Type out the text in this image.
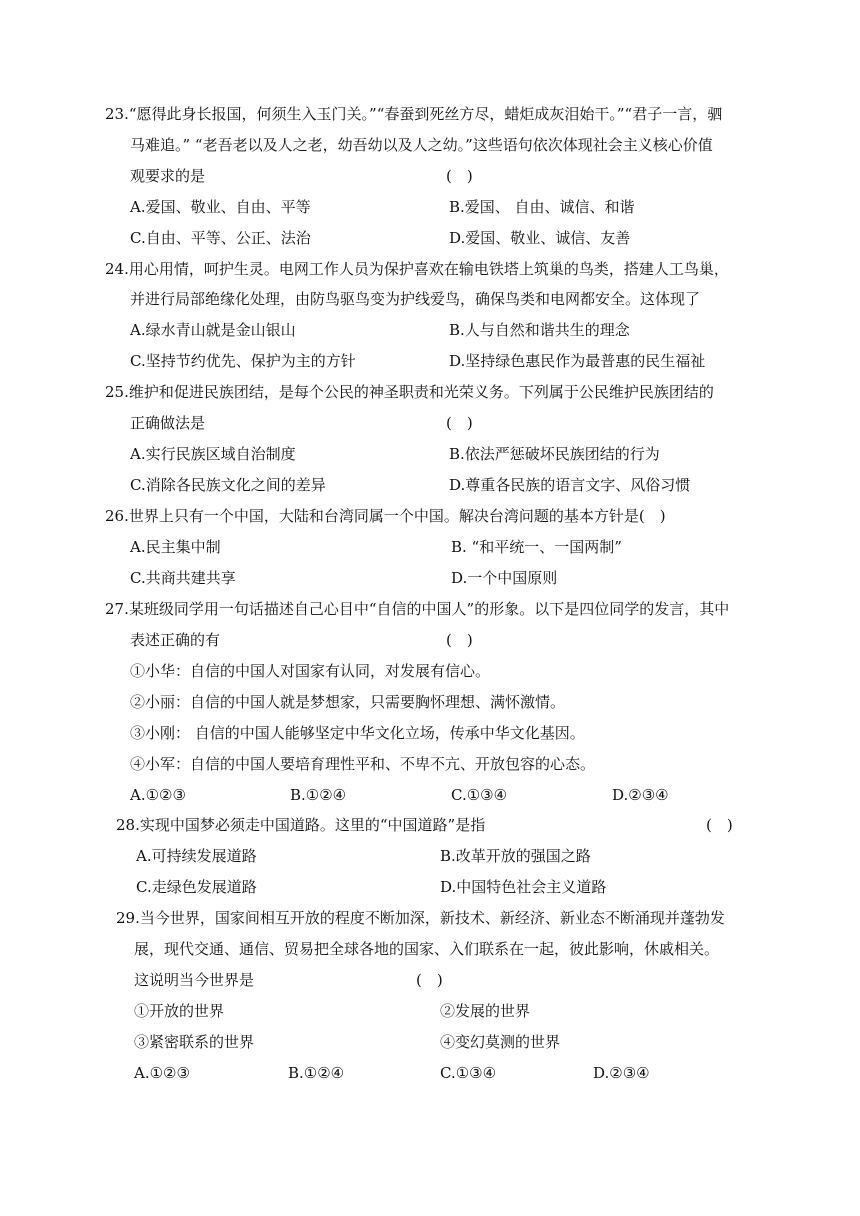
23.“愿得此身长报国，何须生入玉门关。”“春蚕到死丝方尽，蜡炬成灰泪始干。”“君子一言，驷
马难追。” “老吾老以及人之老，幼吾幼以及人之幼。”这些语句依次体现社会主义核心价值
观要求的是	(　)
A.爱国、敬业、自由、平等	B.爱国、 自由、诚信、和谐
C.自由、平等、公正、法治	D.爱国、敬业、诚信、友善
24.用心用情，呵护生灵。电网工作人员为保护喜欢在输电铁塔上筑巢的鸟类，搭建人工鸟巢，
并进行局部绝缘化处理，由防鸟驱鸟变为护线爱鸟，确保鸟类和电网都安全。这体现了
A.绿水青山就是金山银山	B.人与自然和谐共生的理念
C.坚持节约优先、保护为主的方针	D.坚持绿色惠民作为最普惠的民生福祉
25.维护和促进民族团结，是每个公民的神圣职责和光荣义务。下列属于公民维护民族团结的
正确做法是	(　)
A.实行民族区域自治制度	B.依法严惩破坏民族团结的行为
C.消除各民族文化之间的差异	D.尊重各民族的语言文字、风俗习惯
26.世界上只有一个中国，大陆和台湾同属一个中国。解决台湾问题的基本方针是(　)
A.民主集中制	B. “和平统一、一国两制”
C.共商共建共享	D.一个中国原则
27.某班级同学用一句话描述自己心目中“自信的中国人”的形象。以下是四位同学的发言，其中
表述正确的有	(　)
①小华：自信的中国人对国家有认同，对发展有信心。
②小丽：自信的中国人就是梦想家，只需要胸怀理想、满怀激情。
③小刚： 自信的中国人能够坚定中华文化立场，传承中华文化基因。
④小军：自信的中国人要培育理性平和、不卑不亢、开放包容的心态。
A.①②③	B.①②④	C.①③④	D.②③④
28.实现中国梦必须走中国道路。这里的“中国道路”是指	(　)
A.可持续发展道路	B.改革开放的强国之路
C.走绿色发展道路	D.中国特色社会主义道路
29.当今世界，国家间相互开放的程度不断加深，新技术、新经济、新业态不断涌现并蓬勃发
展，现代交通、通信、贸易把全球各地的国家、入们联系在一起，彼此影响，休戚相关。
这说明当今世界是	(　)
①开放的世界	②发展的世界
③紧密联系的世界	④变幻莫测的世界
A.①②③	B.①②④	C.①③④	D.②③④
